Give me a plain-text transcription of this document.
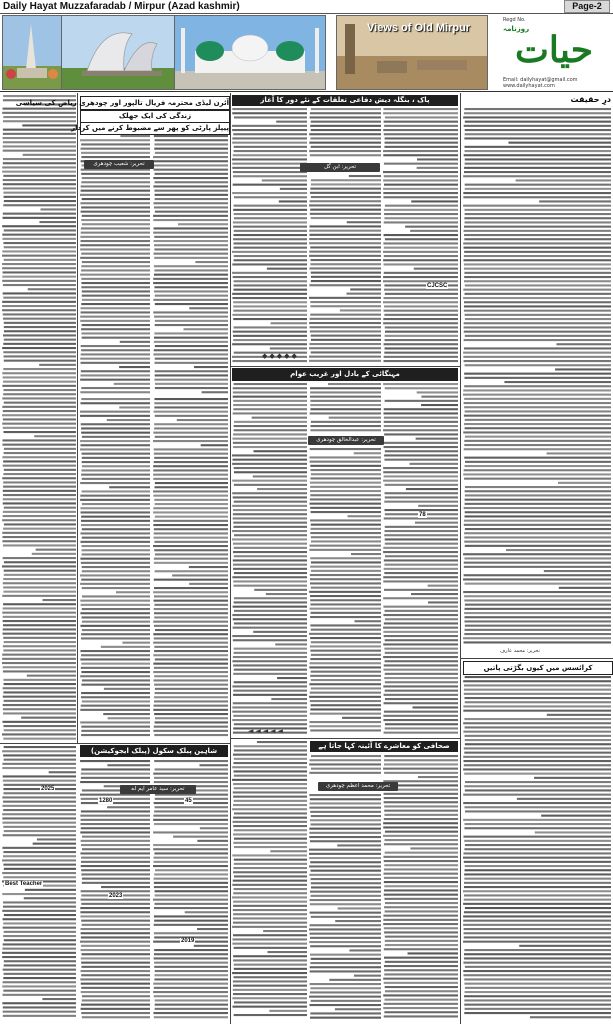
Daily Hayat Muzzafaradab / Mirpur (Azad kashmir)	Page-2
Views of Old Mirpur
Regd No.
روزنامہ
حیات
Email: dailyhayat@gmail.com
www.dailyhayat.com
درِ حقیقت
تحریر: محمد عارف
پاک ، بنگلہ دیش دفاعی تعلقات کے نئے دور کا آغاز
تحریر: ابن گل
CJCSC
◆◆◆◆◆
مہنگائی کے بادل اور غریب عوام
تحریر: عبدالخالق چودھری
78
◄◄◄◄◄
آئرن لیڈی محترمہ فریال تالپور اور چودھری ریاض کی سیاسی
زندگی کی ایک جھلک
پیپلز پارٹی کو پھر سے مضبوط کرنے میں کردار
تحریر: شعیب چودھری
صحافی کو معاشرے کا آئینہ کہا جاتا ہے
تحریر: محمد اعظم چودھری
شاہین پبلک سکول (پبلک ایجوکیشن)
تحریر: سید عامر ایم اے
1280	45
2025
Best Teacher
2023
2019
کرائسس میں کیوں بگڑتی پاتیں
